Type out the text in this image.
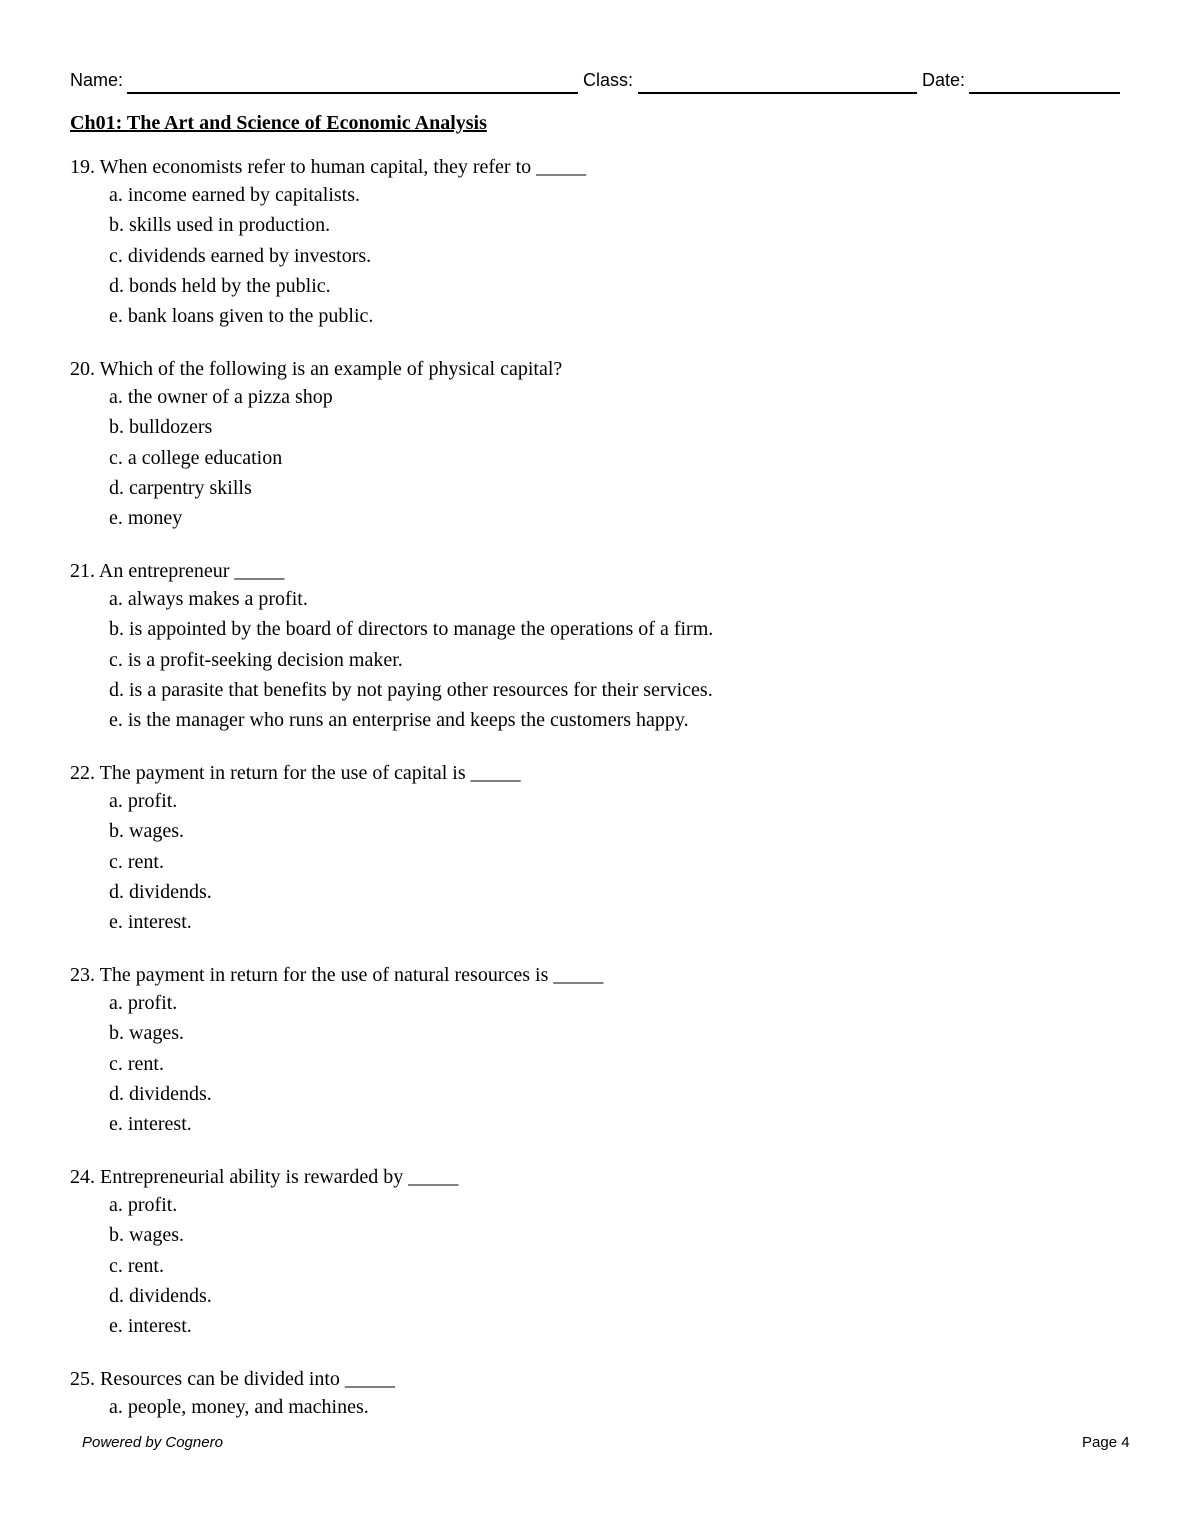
Name:	Class:	Date:
Ch01: The Art and Science of Economic Analysis
19. When economists refer to human capital, they refer to _____
a. income earned by capitalists.
b. skills used in production.
c. dividends earned by investors.
d. bonds held by the public.
e. bank loans given to the public.
20. Which of the following is an example of physical capital?
a. the owner of a pizza shop
b. bulldozers
c. a college education
d. carpentry skills
e. money
21. An entrepreneur _____
a. always makes a profit.
b. is appointed by the board of directors to manage the operations of a firm.
c. is a profit-seeking decision maker.
d. is a parasite that benefits by not paying other resources for their services.
e. is the manager who runs an enterprise and keeps the customers happy.
22. The payment in return for the use of capital is _____
a. profit.
b. wages.
c. rent.
d. dividends.
e. interest.
23. The payment in return for the use of natural resources is _____
a. profit.
b. wages.
c. rent.
d. dividends.
e. interest.
24. Entrepreneurial ability is rewarded by _____
a. profit.
b. wages.
c. rent.
d. dividends.
e. interest.
25. Resources can be divided into _____
a. people, money, and machines.
Powered by Cognero	Page 4
